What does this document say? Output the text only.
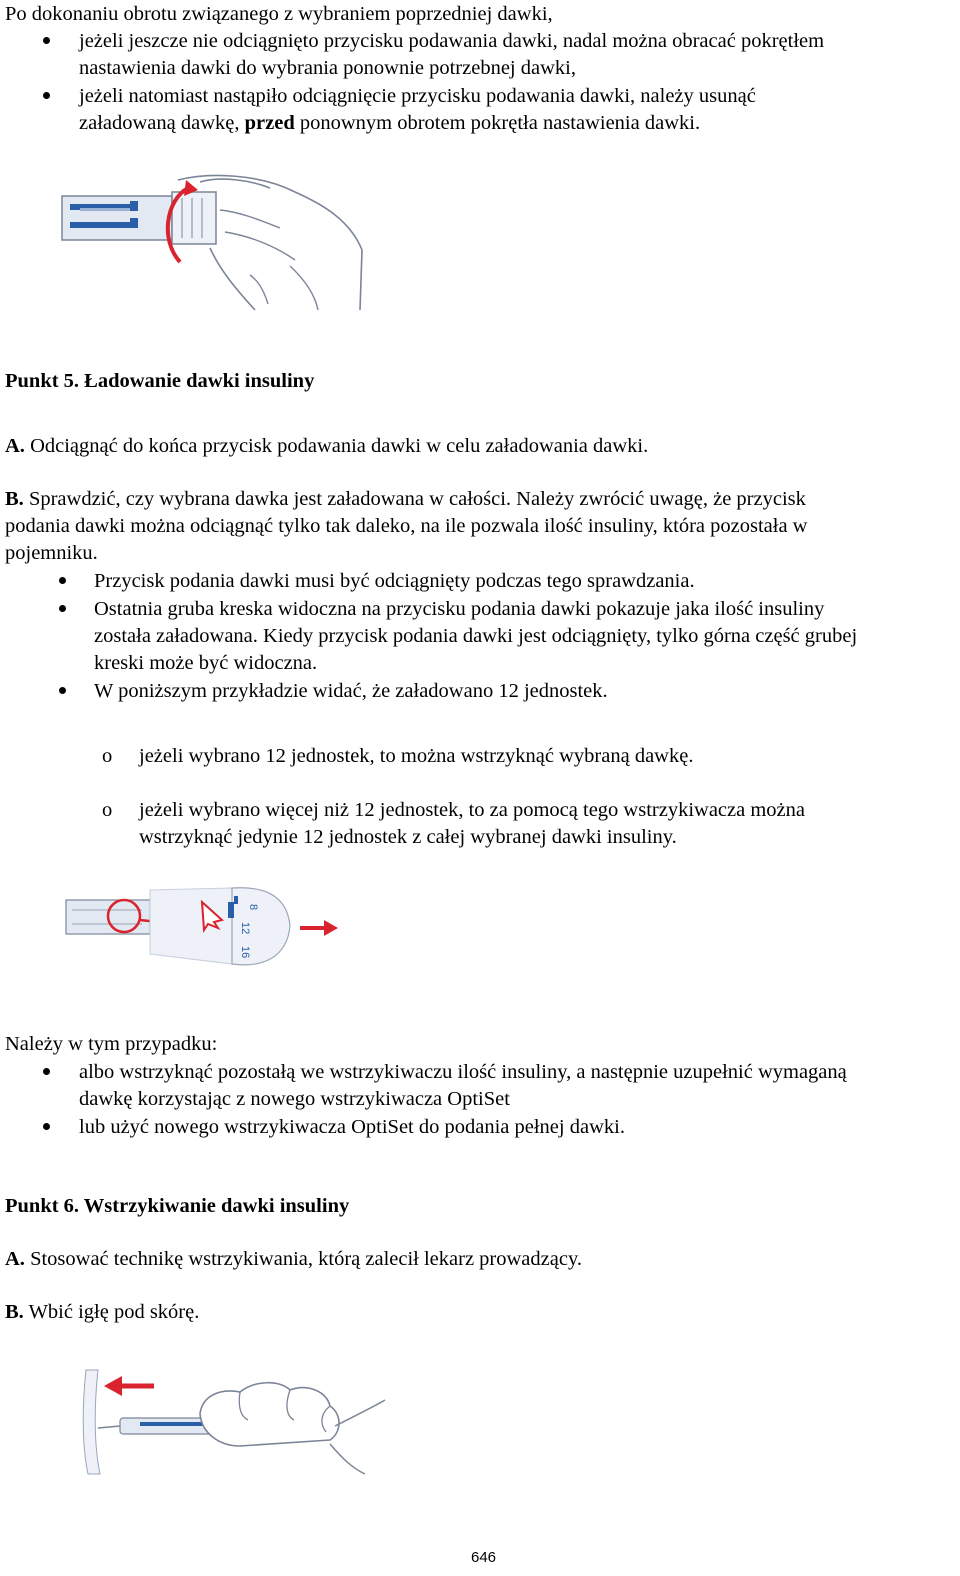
Po dokonaniu obrotu związanego z wybraniem poprzedniej dawki,
jeżeli jeszcze nie odciągnięto przycisku podawania dawki, nadal można obracać pokrętłem
nastawienia dawki do wybrania ponownie potrzebnej dawki,
jeżeli natomiast nastąpiło odciągnięcie przycisku podawania dawki, należy usunąć
załadowaną dawkę, przed ponownym obrotem pokrętła nastawienia dawki.
Punkt 5. Ładowanie dawki insuliny
A. Odciągnąć do końca przycisk podawania dawki w celu załadowania dawki.
B. Sprawdzić, czy wybrana dawka jest załadowana w całości. Należy zwrócić uwagę, że przycisk
podania dawki można odciągnąć tylko tak daleko, na ile pozwala ilość insuliny, która pozostała w
pojemniku.
Przycisk podania dawki musi być odciągnięty podczas tego sprawdzania.
Ostatnia gruba kreska widoczna na przycisku podania dawki pokazuje jaka ilość insuliny
została załadowana. Kiedy przycisk podania dawki jest odciągnięty, tylko górna część grubej
kreski może być widoczna.
W poniższym przykładzie widać, że załadowano 12 jednostek.
o jeżeli wybrano 12 jednostek, to można wstrzyknąć wybraną dawkę.
o jeżeli wybrano więcej niż 12 jednostek, to za pomocą tego wstrzykiwacza można
wstrzyknąć jedynie 12 jednostek z całej wybranej dawki insuliny.
8
12
16
Należy w tym przypadku:
albo wstrzyknąć pozostałą we wstrzykiwaczu ilość insuliny, a następnie uzupełnić wymaganą
dawkę korzystając z nowego wstrzykiwacza OptiSet
lub użyć nowego wstrzykiwacza OptiSet do podania pełnej dawki.
Punkt 6. Wstrzykiwanie dawki insuliny
A. Stosować technikę wstrzykiwania, którą zalecił lekarz prowadzący.
B. Wbić igłę pod skórę.
646
